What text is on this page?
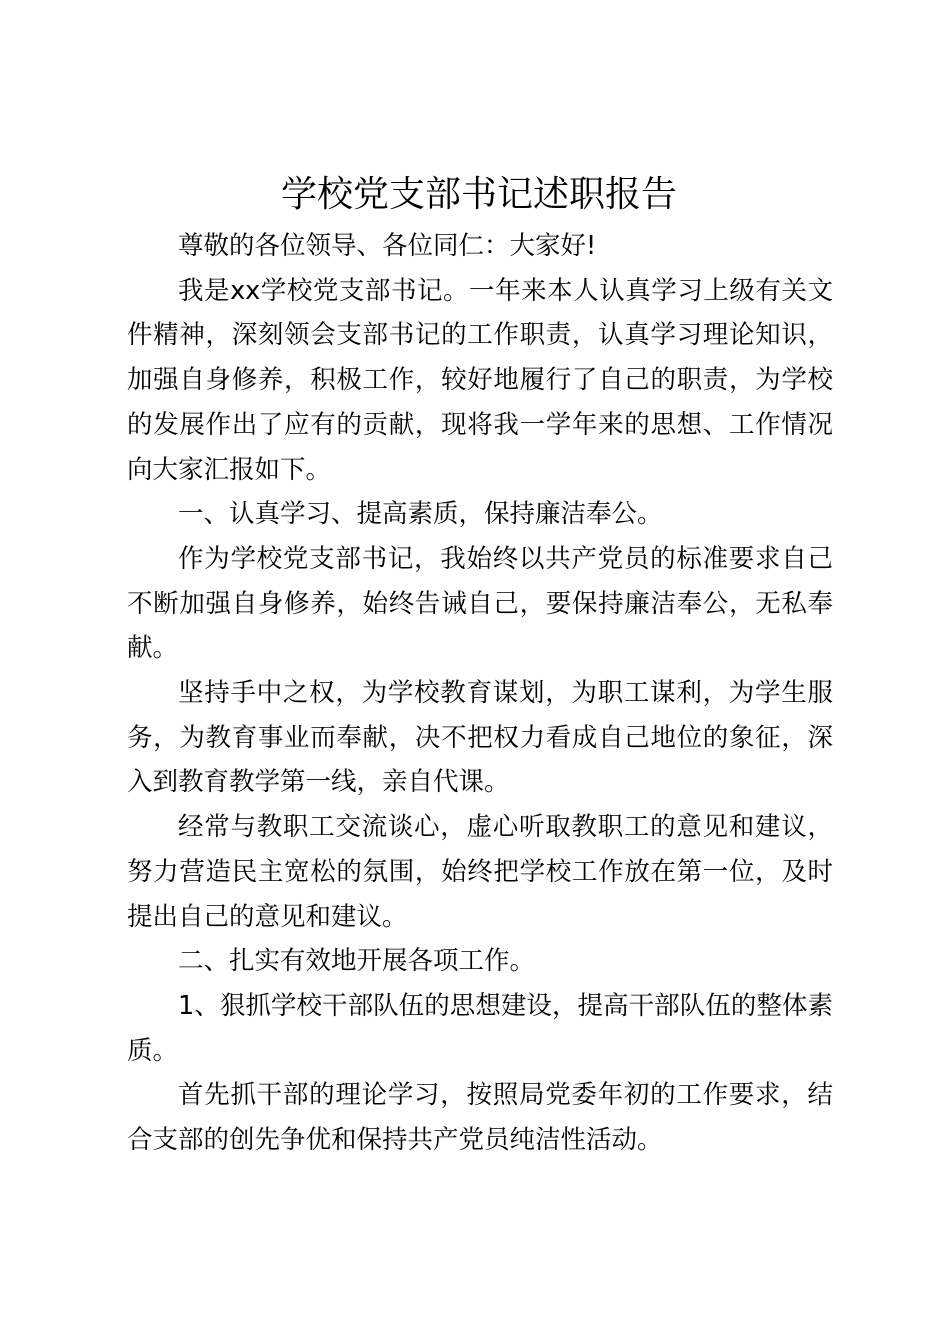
学校党支部书记述职报告

尊敬的各位领导、各位同仁：大家好!

我是xx学校党支部书记。一年来本人认真学习上级有关文件精神，深刻领会支部书记的工作职责，认真学习理论知识，加强自身修养，积极工作，较好地履行了自己的职责，为学校的发展作出了应有的贡献，现将我一学年来的思想、工作情况向大家汇报如下。

一、认真学习、提高素质，保持廉洁奉公。

作为学校党支部书记，我始终以共产党员的标准要求自己不断加强自身修养，始终告诫自己，要保持廉洁奉公，无私奉献。

坚持手中之权，为学校教育谋划，为职工谋利，为学生服务，为教育事业而奉献，决不把权力看成自己地位的象征，深入到教育教学第一线，亲自代课。

经常与教职工交流谈心，虚心听取教职工的意见和建议，努力营造民主宽松的氛围，始终把学校工作放在第一位，及时提出自己的意见和建议。

二、扎实有效地开展各项工作。

1、狠抓学校干部队伍的思想建设，提高干部队伍的整体素质。

首先抓干部的理论学习，按照局党委年初的工作要求，结合支部的创先争优和保持共产党员纯洁性活动。
